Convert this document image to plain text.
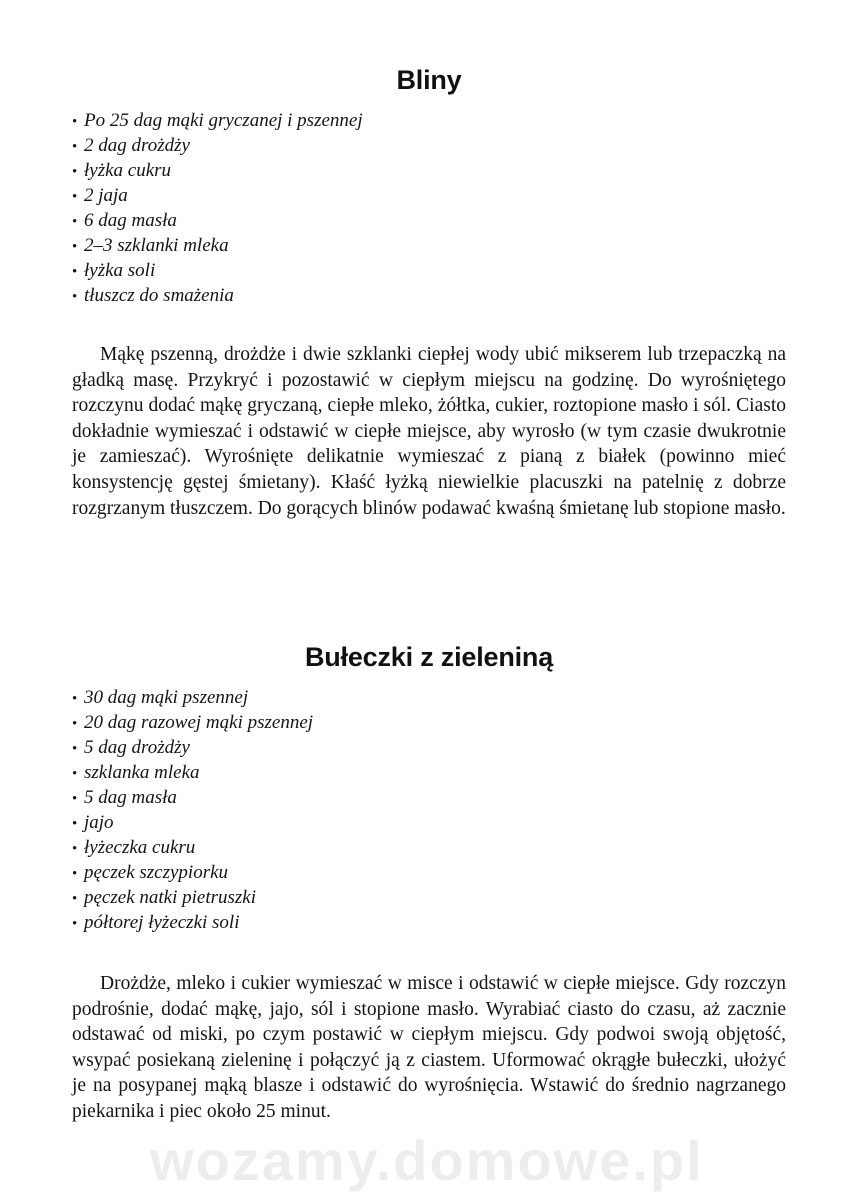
Bliny
• Po 25 dag mąki gryczanej i pszennej
• 2 dag drożdży
• łyżka cukru
• 2 jaja
• 6 dag masła
• 2–3 szklanki mleka
• łyżka soli
• tłuszcz do smażenia

Mąkę pszenną, drożdże i dwie szklanki ciepłej wody ubić mikserem lub trzepaczką na gładką masę. Przykryć i pozostawić w ciepłym miejscu na godzinę. Do wyrośniętego rozczynu dodać mąkę gryczaną, ciepłe mleko, żółtka, cukier, roztopione masło i sól. Ciasto dokładnie wymieszać i odstawić w ciepłe miejsce, aby wyrosło (w tym czasie dwukrotnie je zamieszać). Wyrośnięte delikatnie wymieszać z pianą z białek (powinno mieć konsystencję gęstej śmietany). Kłaść łyżką niewielkie placuszki na patelnię z dobrze rozgrzanym tłuszczem. Do gorących blinów podawać kwaśną śmietanę lub stopione masło.

Bułeczki z zieleniną
• 30 dag mąki pszennej
• 20 dag razowej mąki pszennej
• 5 dag drożdży
• szklanka mleka
• 5 dag masła
• jajo
• łyżeczka cukru
• pęczek szczypiorku
• pęczek natki pietruszki
• półtorej łyżeczki soli

Drożdże, mleko i cukier wymieszać w misce i odstawić w ciepłe miejsce. Gdy rozczyn podrośnie, dodać mąkę, jajo, sól i stopione masło. Wyrabiać ciasto do czasu, aż zacznie odstawać od miski, po czym postawić w ciepłym miejscu. Gdy podwoi swoją objętość, wsypać posiekaną zieleninę i połączyć ją z ciastem. Uformować okrągłe bułeczki, ułożyć je na posypanej mąką blasze i odstawić do wyrośnięcia. Wstawić do średnio nagrzanego piekarnika i piec około 25 minut.

wozamy.domowe.pl
